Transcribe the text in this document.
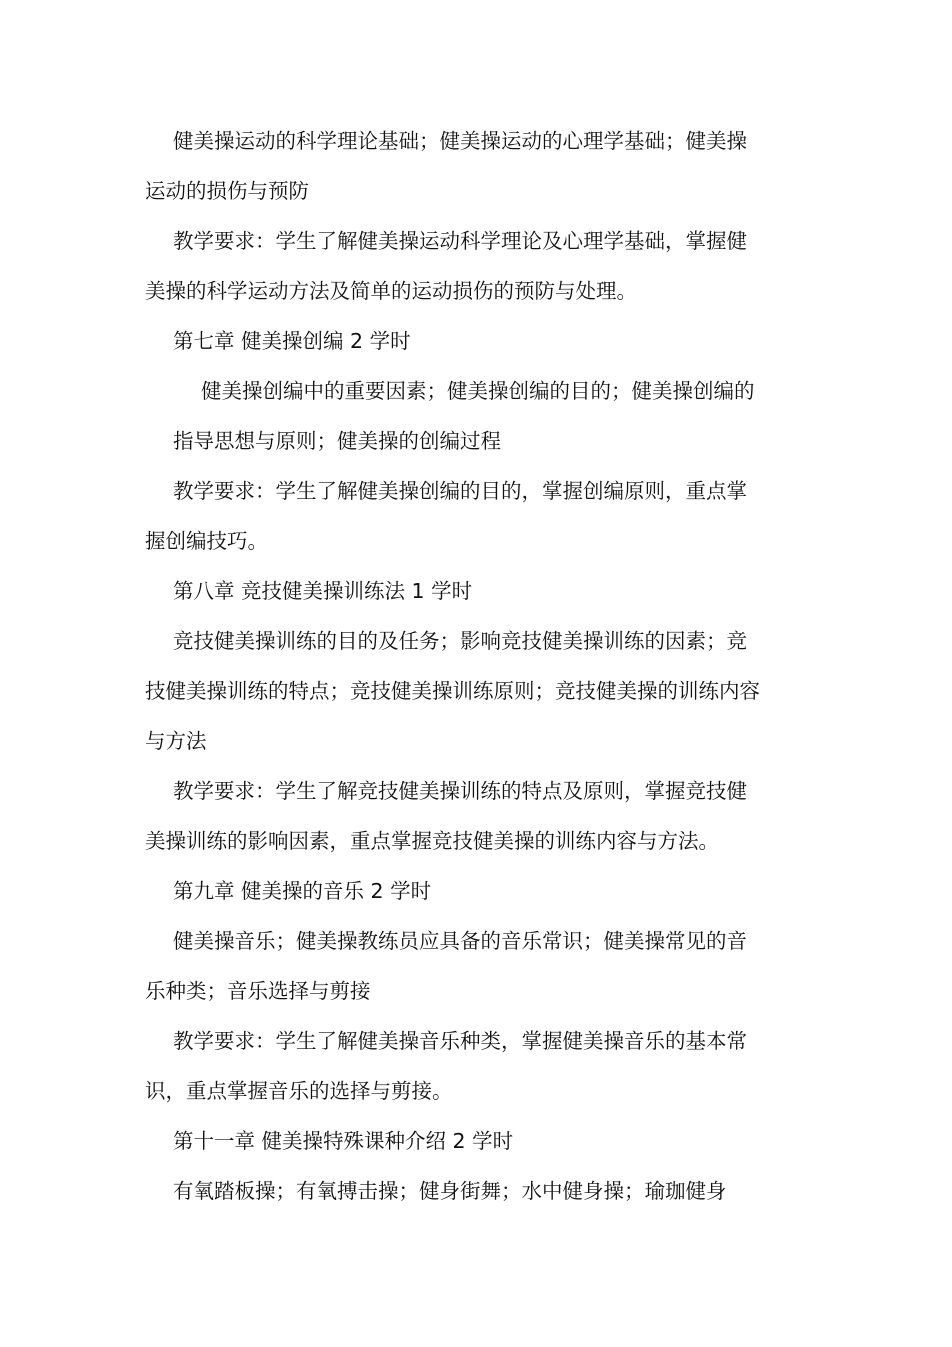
健美操运动的科学理论基础；健美操运动的心理学基础；健美操
运动的损伤与预防
教学要求：学生了解健美操运动科学理论及心理学基础，掌握健
美操的科学运动方法及简单的运动损伤的预防与处理。
第七章 健美操创编 2 学时
健美操创编中的重要因素；健美操创编的目的；健美操创编的
指导思想与原则；健美操的创编过程
教学要求：学生了解健美操创编的目的，掌握创编原则，重点掌
握创编技巧。
第八章 竞技健美操训练法 1 学时
竞技健美操训练的目的及任务；影响竞技健美操训练的因素；竞
技健美操训练的特点；竞技健美操训练原则；竞技健美操的训练内容
与方法
教学要求：学生了解竞技健美操训练的特点及原则，掌握竞技健
美操训练的影响因素，重点掌握竞技健美操的训练内容与方法。
第九章 健美操的音乐 2 学时
健美操音乐；健美操教练员应具备的音乐常识；健美操常见的音
乐种类；音乐选择与剪接
教学要求：学生了解健美操音乐种类，掌握健美操音乐的基本常
识，重点掌握音乐的选择与剪接。
第十一章 健美操特殊课种介绍 2 学时
有氧踏板操；有氧搏击操；健身街舞；水中健身操；瑜珈健身
